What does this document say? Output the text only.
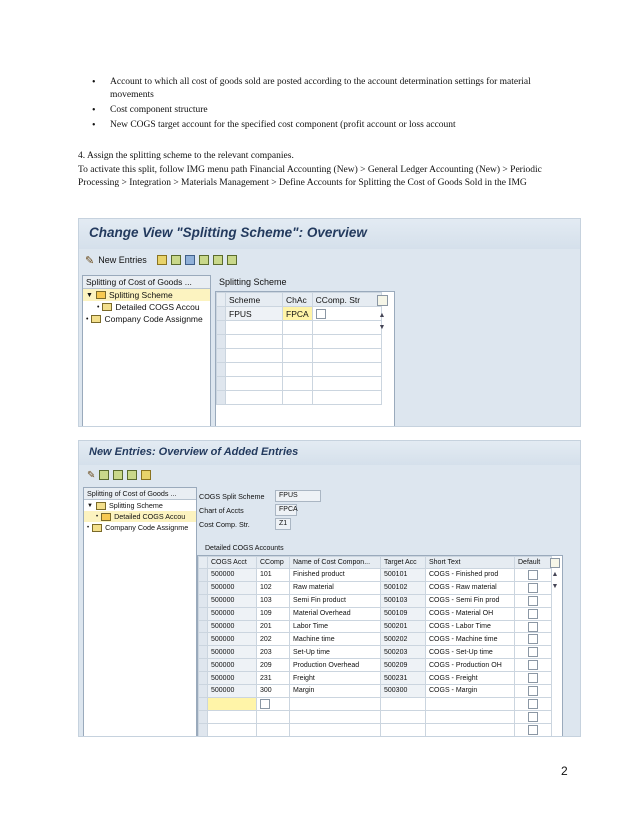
• Account to which all cost of goods sold are posted according to the account determination settings for material movements
• Cost component structure
• New COGS target account for the specified cost component (profit account or loss account
4. Assign the splitting scheme to the relevant companies.
To activate this split, follow IMG menu path Financial Accounting (New) > General Ledger Accounting (New) > Periodic Processing > Integration > Materials Management > Define Accounts for Splitting the Cost of Goods Sold in the IMG
Change View "Splitting Scheme": Overview
✎ New Entries
Splitting of Cost of Goods ...
▼ Splitting Scheme
• Detailed COGS Accou
• Company Code Assignme
Splitting Scheme
	Scheme	ChAc	CComp. Str
	FPUS	FPCA	

				▲
▼
New Entries: Overview of Added Entries
✎
Splitting of Cost of Goods ...
▼ Splitting Scheme
• Detailed COGS Accou
• Company Code Assignme
COGS Split Scheme	FPUS
Chart of Accts	FPCA
Cost Comp. Str.	Z1
Detailed COGS Accounts
	COGS Acct	CComp	Name of Cost Compon...	Target Acc	Short Text	Default
	500000	101	Finished product	500101	COGS - Finished prod	
	500000	102	Raw material	500102	COGS - Raw material	
	500000	103	Semi Fin product	500103	COGS - Semi Fin prod	
	500000	109	Material Overhead	500109	COGS - Material OH	
	500000	201	Labor Time	500201	COGS - Labor Time	
	500000	202	Machine time	500202	COGS - Machine time	
	500000	203	Set-Up time	500203	COGS - Set-Up time	
	500000	209	Production Overhead	500209	COGS - Production OH	
	500000	231	Freight	500231	COGS - Freight	
	500000	300	Margin	500300	COGS - Margin	

▲
▼
2
